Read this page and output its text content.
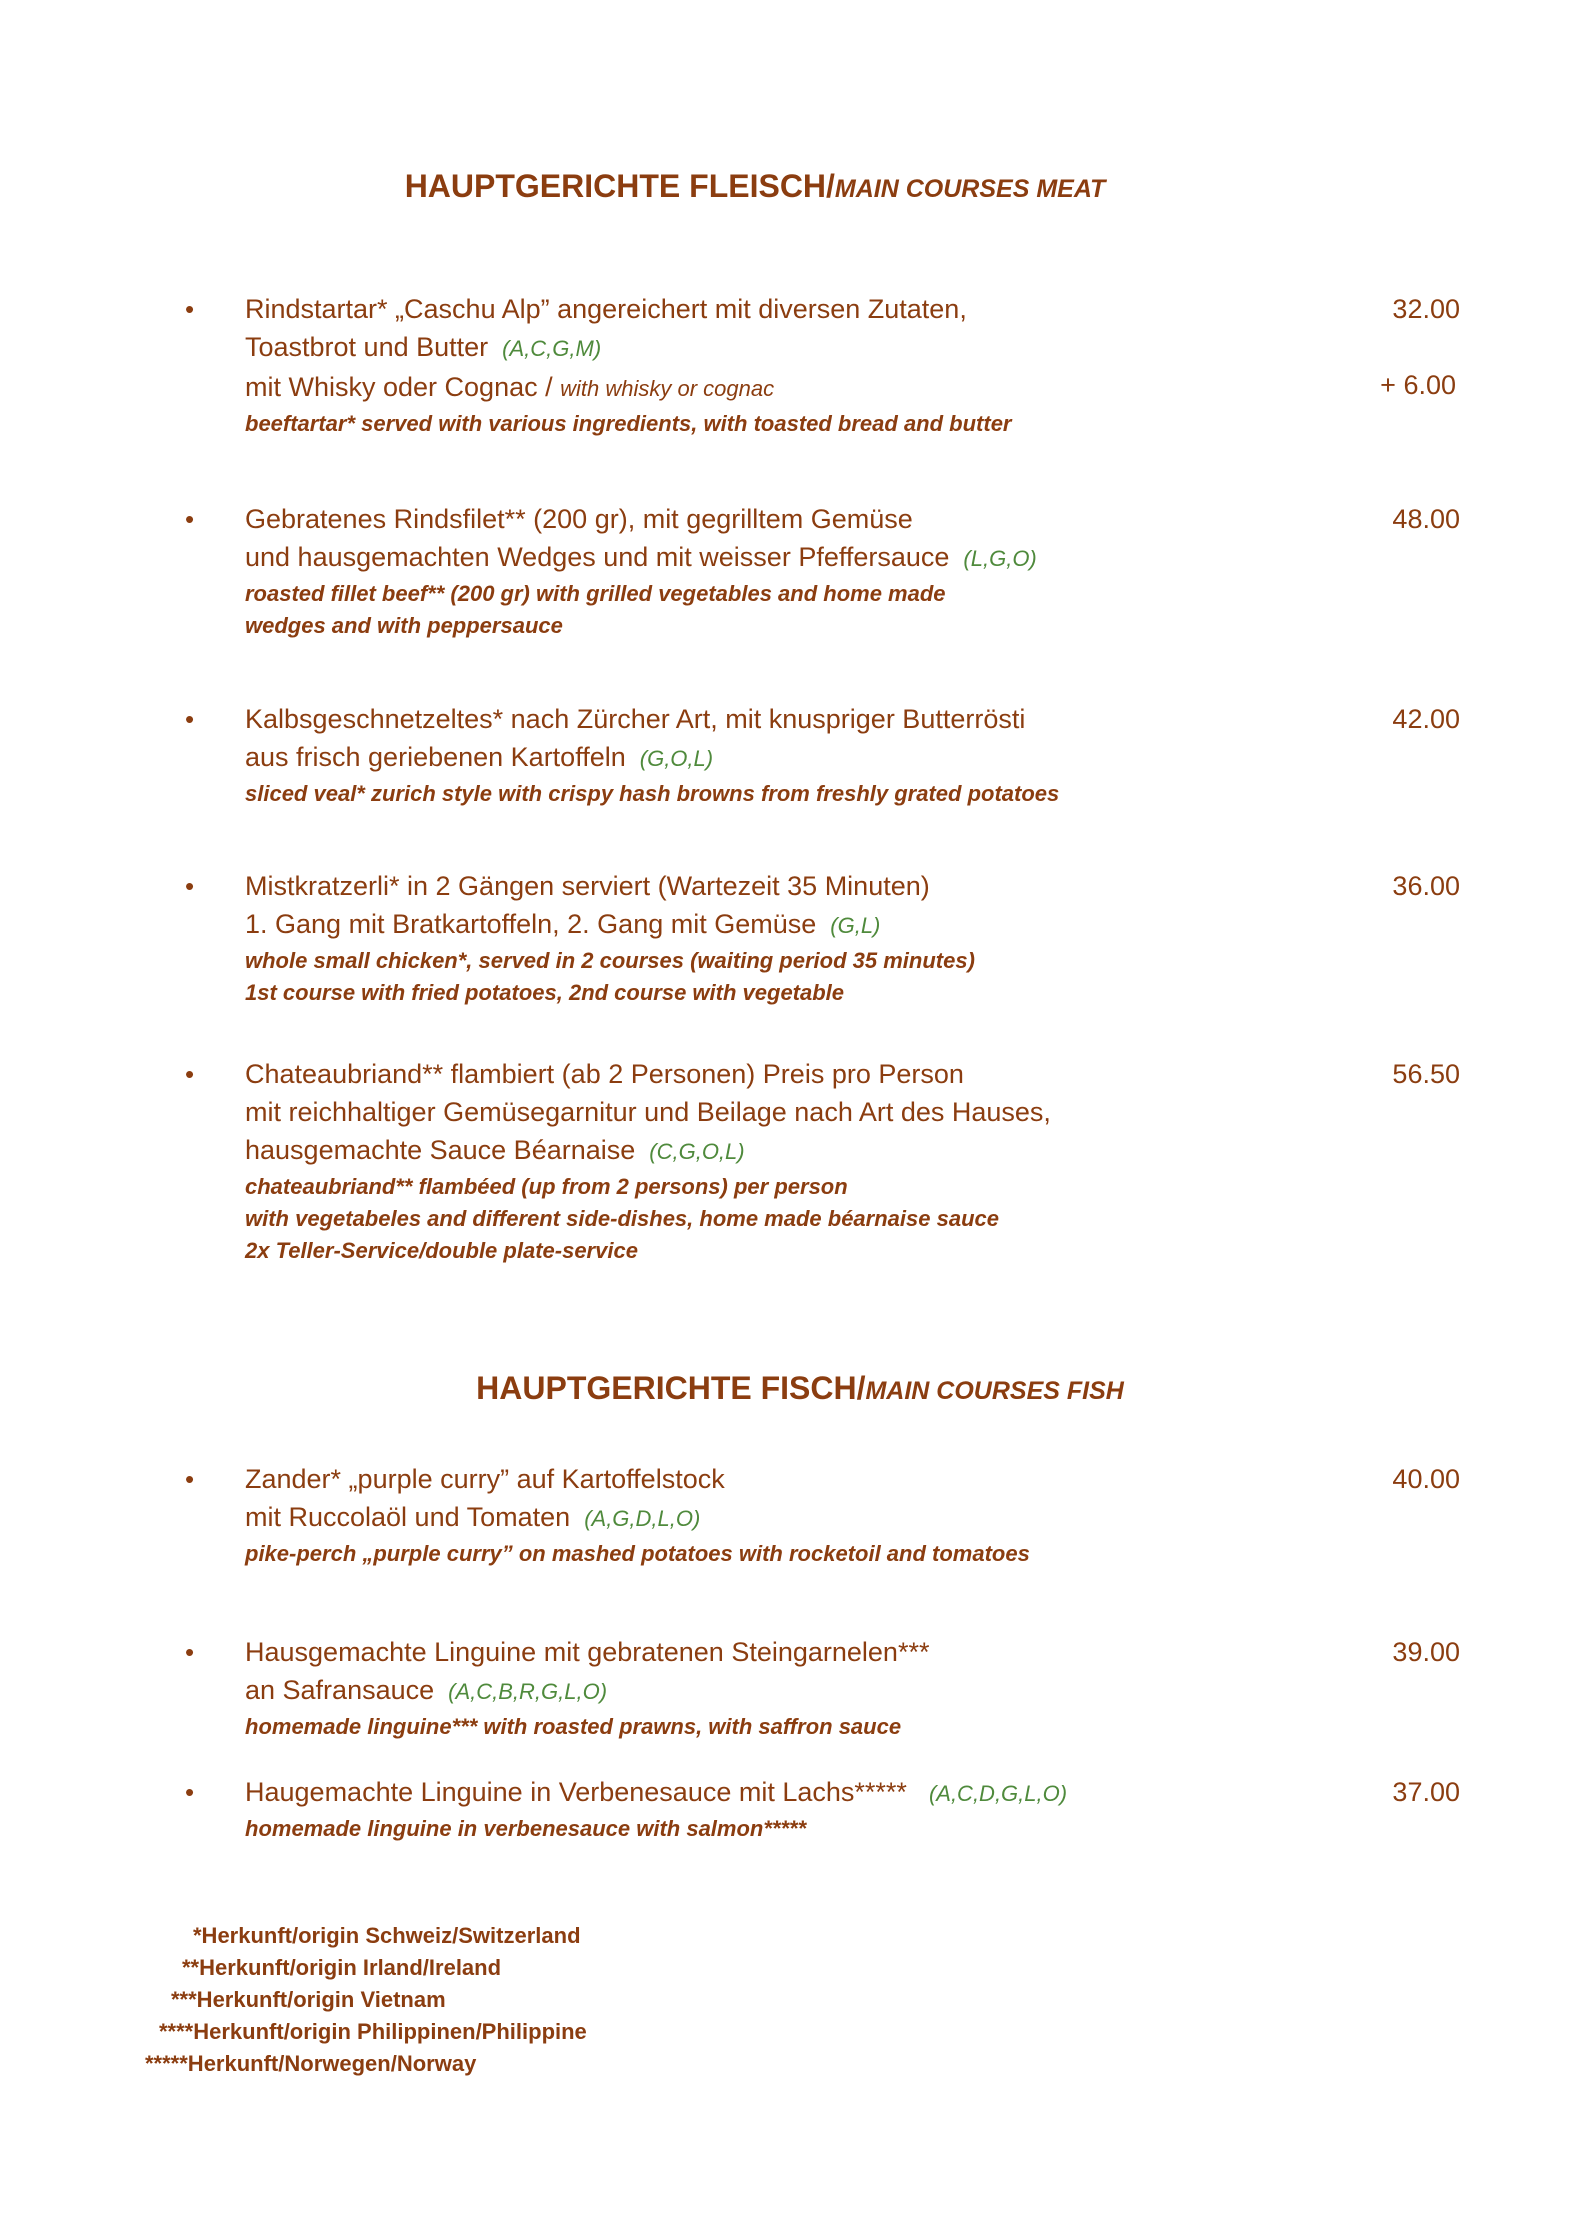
HAUPTGERICHTE FLEISCH/MAIN COURSES MEAT
• Rindstartar* „Caschu Alp” angereichert mit diversen Zutaten,
Toastbrot und Butter (A,C,G,M)
mit Whisky oder Cognac / with whisky or cognac
beeftartar* served with various ingredients, with toasted bread and butter
32.00
+ 6.00
• Gebratenes Rindsfilet** (200 gr), mit gegrilltem Gemüse
und hausgemachten Wedges und mit weisser Pfeffersauce (L,G,O)
roasted fillet beef** (200 gr) with grilled vegetables and home made
wedges and with peppersauce
48.00
• Kalbsgeschnetzeltes* nach Zürcher Art, mit knuspriger Butterrösti
aus frisch geriebenen Kartoffeln (G,O,L)
sliced veal* zurich style with crispy hash browns from freshly grated potatoes
42.00
• Mistkratzerli* in 2 Gängen serviert (Wartezeit 35 Minuten)
1. Gang mit Bratkartoffeln, 2. Gang mit Gemüse (G,L)
whole small chicken*, served in 2 courses (waiting period 35 minutes)
1st course with fried potatoes, 2nd course with vegetable
36.00
• Chateaubriand** flambiert (ab 2 Personen) Preis pro Person
mit reichhaltiger Gemüsegarnitur und Beilage nach Art des Hauses,
hausgemachte Sauce Béarnaise (C,G,O,L)
chateaubriand** flambéed (up from 2 persons) per person
with vegetabeles and different side-dishes, home made béarnaise sauce
2x Teller-Service/double plate-service
56.50
HAUPTGERICHTE FISCH/MAIN COURSES FISH
• Zander* „purple curry” auf Kartoffelstock
mit Ruccolaöl und Tomaten (A,G,D,L,O)
pike-perch „purple curry” on mashed potatoes with rocketoil and tomatoes
40.00
• Hausgemachte Linguine mit gebratenen Steingarnelen***
an Safransauce (A,C,B,R,G,L,O)
homemade linguine*** with roasted prawns, with saffron sauce
39.00
• Haugemachte Linguine in Verbenesauce mit Lachs***** (A,C,D,G,L,O)
homemade linguine in verbenesauce with salmon*****
37.00
*Herkunft/origin Schweiz/Switzerland
**Herkunft/origin Irland/Ireland
***Herkunft/origin Vietnam
****Herkunft/origin Philippinen/Philippine
*****Herkunft/Norwegen/Norway
